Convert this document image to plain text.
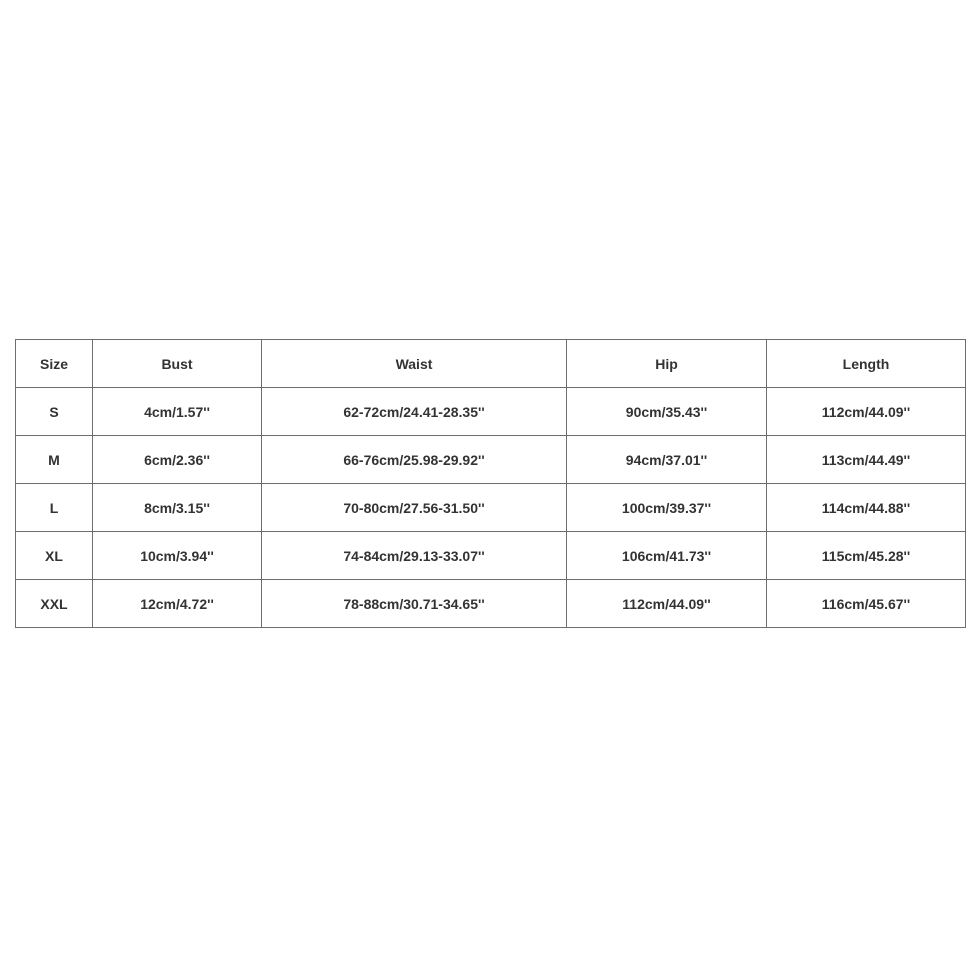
Size	Bust	Waist	Hip	Length
S	4cm/1.57''	62-72cm/24.41-28.35''	90cm/35.43''	112cm/44.09''
M	6cm/2.36''	66-76cm/25.98-29.92''	94cm/37.01''	113cm/44.49''
L	8cm/3.15''	70-80cm/27.56-31.50''	100cm/39.37''	114cm/44.88''
XL	10cm/3.94''	74-84cm/29.13-33.07''	106cm/41.73''	115cm/45.28''
XXL	12cm/4.72''	78-88cm/30.71-34.65''	112cm/44.09''	116cm/45.67''
